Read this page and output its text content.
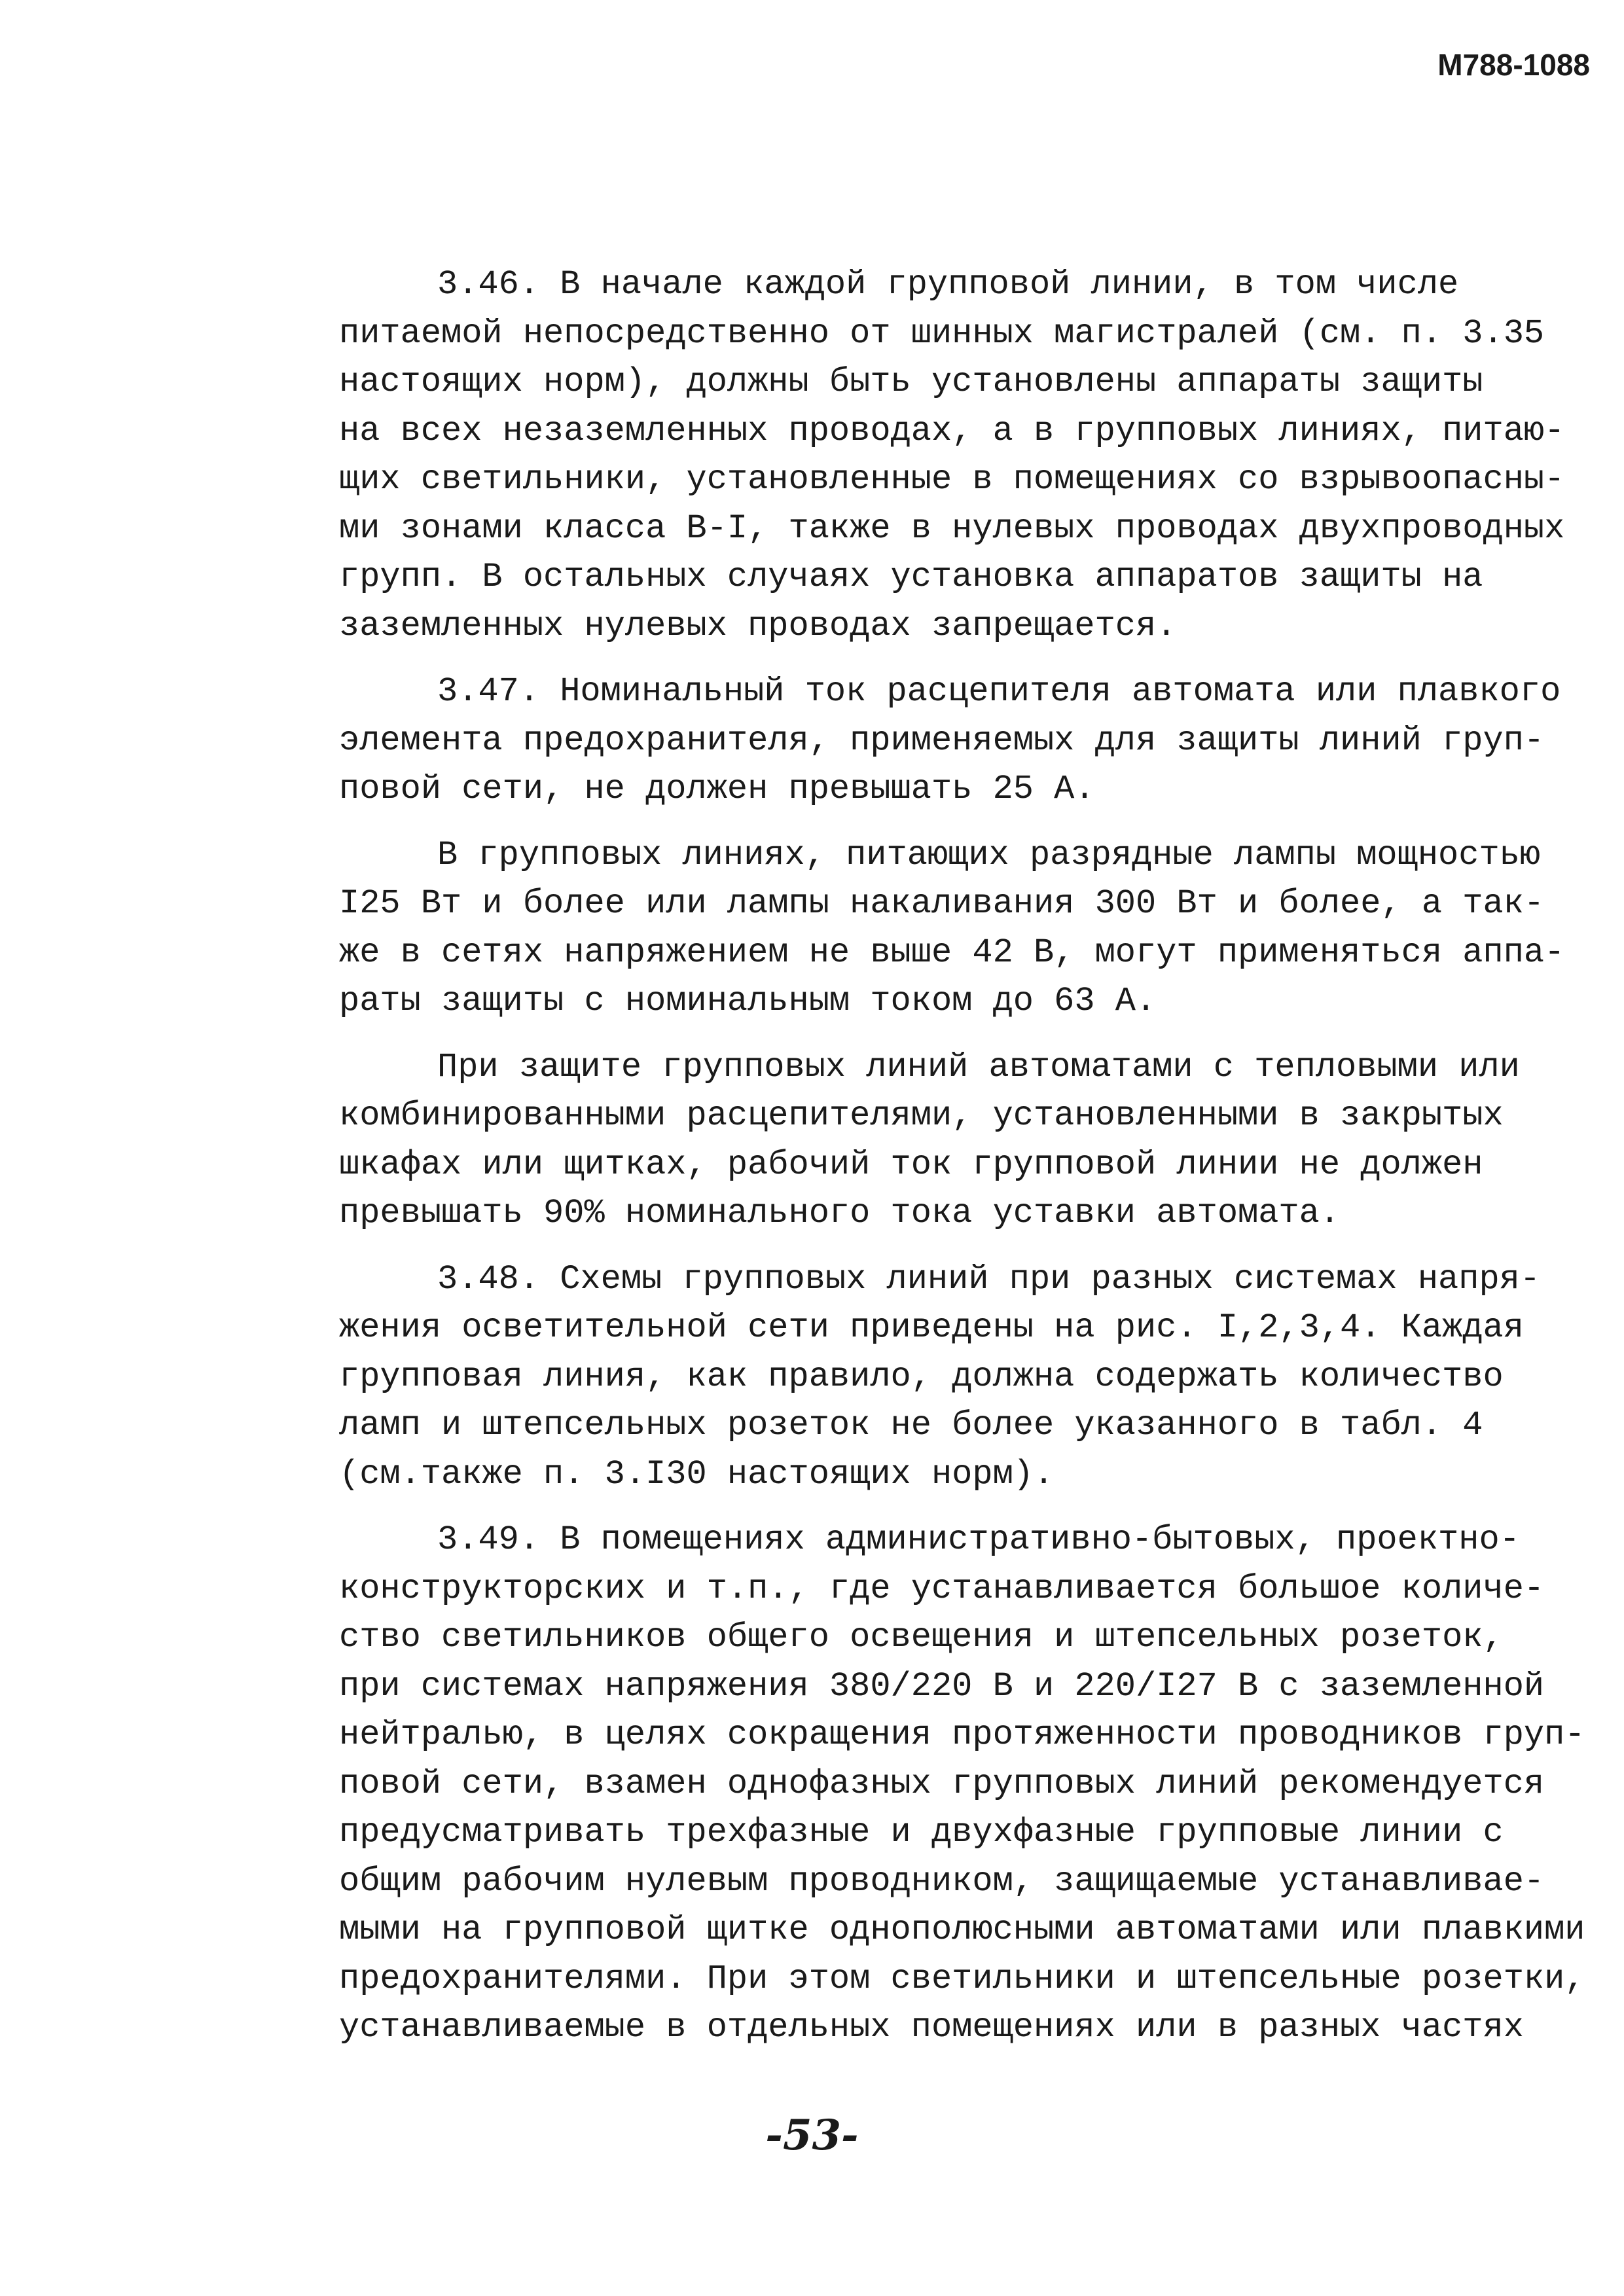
М788-1088
3.46. В начале каждой групповой линии, в том числе
питаемой непосредственно от шинных магистралей (см. п. 3.35
настоящих норм), должны быть установлены аппараты защиты
на всех незаземленных проводах, а в групповых линиях, питаю-
щих светильники, установленные в помещениях со взрывоопасны-
ми зонами класса В-I, также в нулевых проводах двухпроводных
групп. В остальных случаях установка аппаратов защиты на
заземленных нулевых проводах запрещается.
3.47. Номинальный ток расцепителя автомата или плавкого
элемента предохранителя, применяемых для защиты линий груп-
повой сети, не должен превышать 25 А.
В групповых линиях, питающих разрядные лампы мощностью
I25 Вт и более или лампы накаливания 300 Вт и более, а так-
же в сетях напряжением не выше 42 В, могут применяться аппа-
раты защиты с номинальным током до 63 А.
При защите групповых линий автоматами с тепловыми или
комбинированными расцепителями, установленными в закрытых
шкафах или щитках, рабочий ток групповой линии не должен
превышать 90% номинального тока уставки автомата.
3.48. Схемы групповых линий при разных системах напря-
жения осветительной сети приведены на рис. I,2,3,4. Каждая
групповая линия, как правило, должна содержать количество
ламп и штепсельных розеток не более указанного в табл. 4
(см.также п. 3.I30 настоящих норм).
3.49. В помещениях административно-бытовых, проектно-
конструкторских и т.п., где устанавливается большое количе-
ство светильников общего освещения и штепсельных розеток,
при системах напряжения 380/220 В и 220/I27 В с заземленной
нейтралью, в целях сокращения протяженности проводников груп-
повой сети, взамен однофазных групповых линий рекомендуется
предусматривать трехфазные и двухфазные групповые линии с
общим рабочим нулевым проводником, защищаемые устанавливае-
мыми на групповой щитке однополюсными автоматами или плавкими
предохранителями. При этом светильники и штепсельные розетки,
устанавливаемые в отдельных помещениях или в разных частях
-53-
